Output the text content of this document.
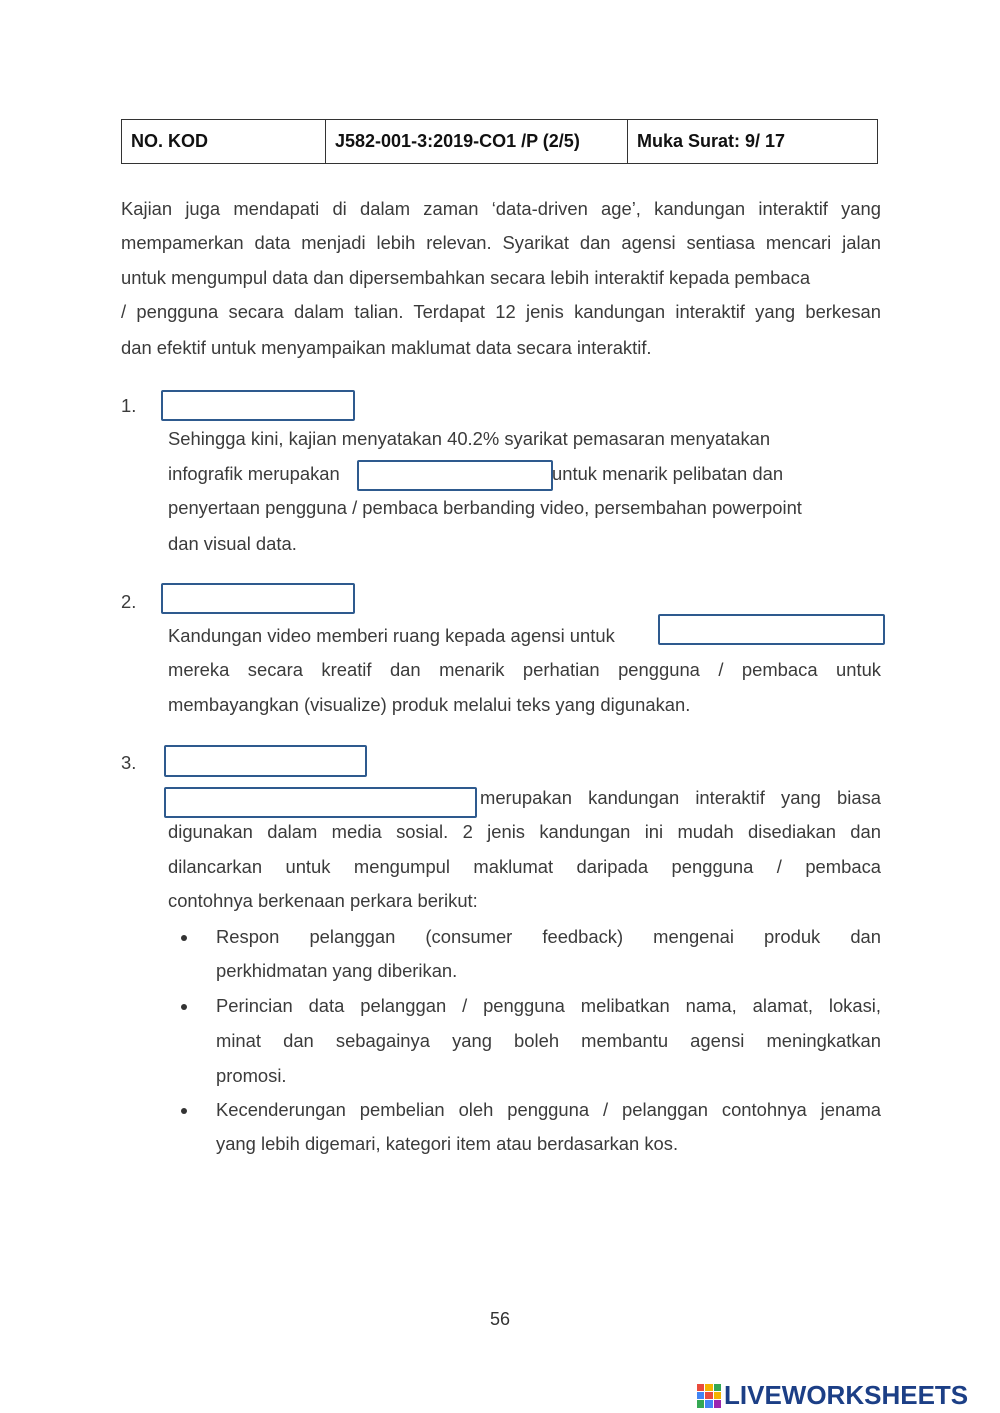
NO. KOD	J582-001-3:2019-CO1 /P (2/5)	Muka Surat: 9/ 17
Kajian juga mendapati di dalam zaman ‘data-driven age’, kandungan interaktif yang
mempamerkan data menjadi lebih relevan. Syarikat dan agensi sentiasa mencari jalan
untuk mengumpul data dan dipersembahkan secara lebih interaktif kepada pembaca
/ pengguna secara dalam talian. Terdapat 12 jenis kandungan interaktif yang berkesan
dan efektif untuk menyampaikan maklumat data secara interaktif.
1.
Sehingga kini, kajian menyatakan 40.2% syarikat pemasaran menyatakan
infografik merupakan	untuk menarik pelibatan dan
penyertaan pengguna / pembaca berbanding video, persembahan powerpoint
dan visual data.
2.
Kandungan video memberi ruang kepada agensi untuk
mereka secara kreatif dan menarik perhatian pengguna / pembaca untuk
membayangkan (visualize) produk melalui teks yang digunakan.
3.
merupakan kandungan interaktif yang biasa
digunakan dalam media sosial. 2 jenis kandungan ini mudah disediakan dan
dilancarkan untuk mengumpul maklumat daripada pengguna / pembaca
contohnya berkenaan perkara berikut:
Respon pelanggan (consumer feedback) mengenai produk dan
perkhidmatan yang diberikan.
Perincian data pelanggan / pengguna melibatkan nama, alamat, lokasi,
minat dan sebagainya yang boleh membantu agensi meningkatkan
promosi.
Kecenderungan pembelian oleh pengguna / pelanggan contohnya jenama
yang lebih digemari, kategori item atau berdasarkan kos.
56
LIVEWORKSHEETS
